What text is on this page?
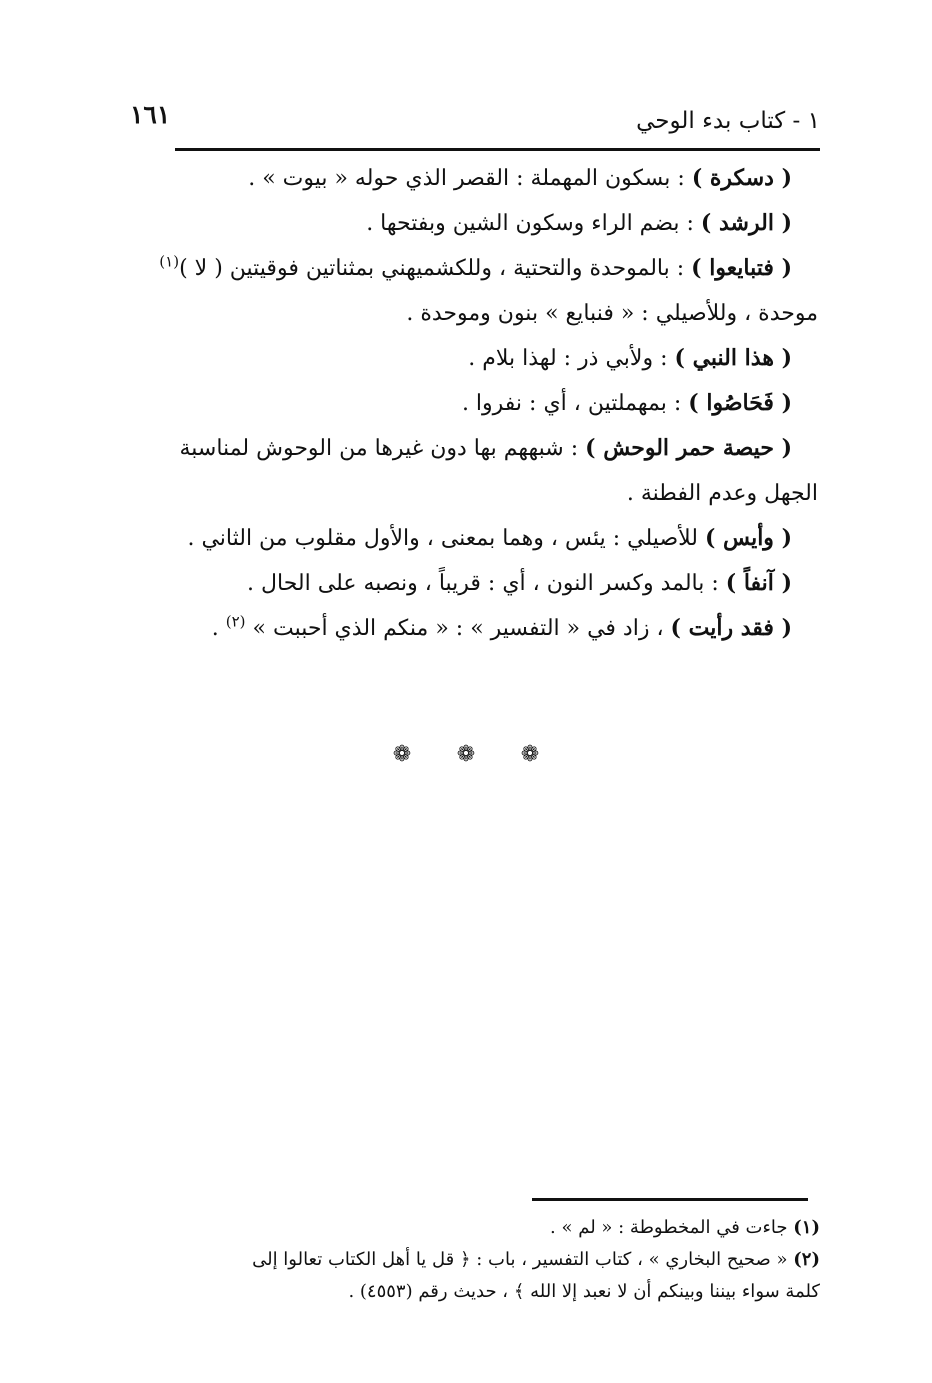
١ - كتاب بدء الوحي
١٦١

( دسكرة ) : بسكون المهملة : القصر الذي حوله « بيوت » .

( الرشد ) : بضم الراء وسكون الشين وبفتحها .

( فتبايعوا ) : بالموحدة والتحتية ، وللكشميهني بمثناتين فوقيتين ( لا )$^{(١)}$
موحدة ، وللأصيلي : « فنبايع » بنون وموحدة .

( هذا النبي ) : ولأبي ذر : لهذا بلام .

( فَحَاصُوا ) : بمهملتين ، أي : نفروا .

( حيصة حمر الوحش ) : شبههم بها دون غيرها من الوحوش لمناسبة
الجهل وعدم الفطنة .

( وأيس ) للأصيلي : يئس ، وهما بمعنى ، والأول مقلوب من الثاني .

( آنفاً ) : بالمد وكسر النون ، أي : قريباً ، ونصبه على الحال .

( فقد رأيت ) ، زاد في « التفسير » : « منكم الذي أحببت » $^{(٢)}$ .

❁ ❁ ❁

(١) جاءت في المخطوطة : « لم » .

(٢) « صحيح البخاري » ، كتاب التفسير ، باب : ﴿ قل يا أهل الكتاب تعالوا إلى

كلمة سواء بيننا وبينكم أن لا نعبد إلا الله ﴾ ، حديث رقم (٤٥٥٣) .
